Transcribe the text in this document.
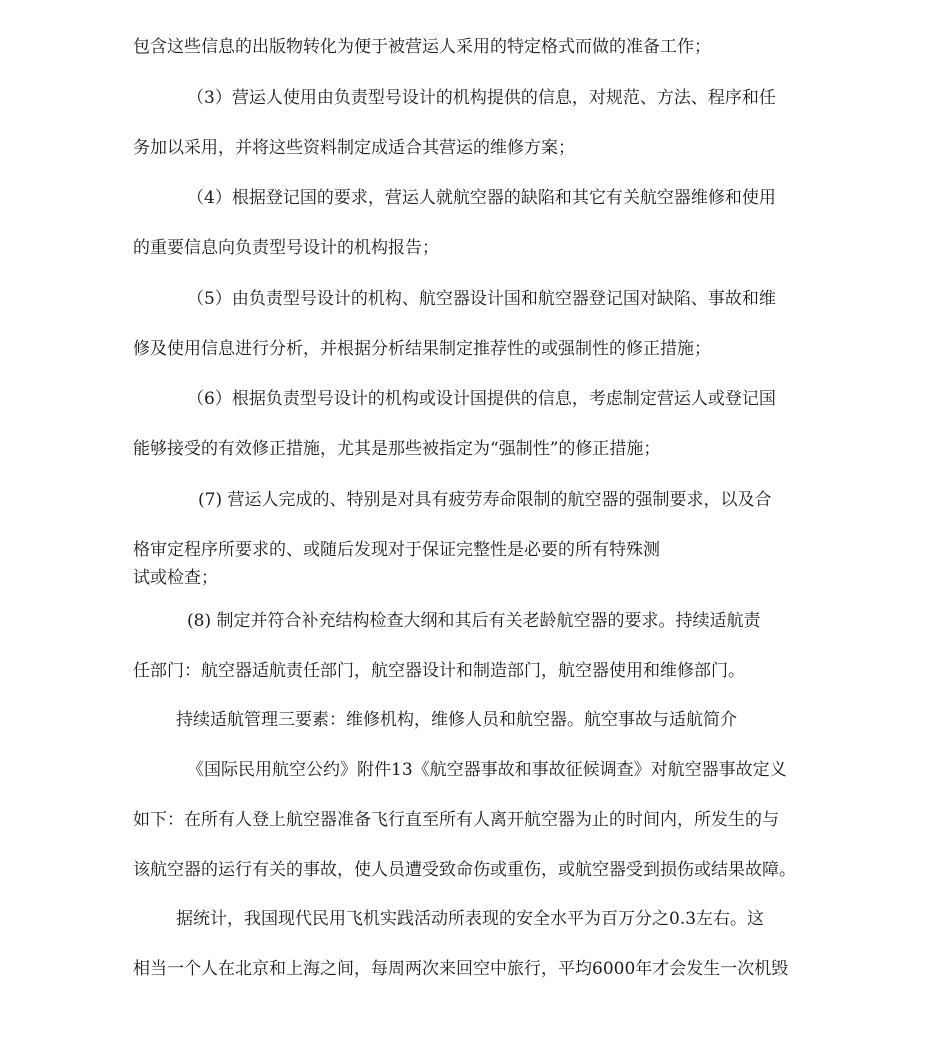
包含这些信息的出版物转化为便于被营运人采用的特定格式而做的准备工作；
（3）营运人使用由负责型号设计的机构提供的信息，对规范、方法、程序和任
务加以采用，并将这些资料制定成适合其营运的维修方案；
（4）根据登记国的要求，营运人就航空器的缺陷和其它有关航空器维修和使用
的重要信息向负责型号设计的机构报告；
（5）由负责型号设计的机构、航空器设计国和航空器登记国对缺陷、事故和维
修及使用信息进行分析，并根据分析结果制定推荐性的或强制性的修正措施；
（6）根据负责型号设计的机构或设计国提供的信息，考虑制定营运人或登记国
能够接受的有效修正措施，尤其是那些被指定为“强制性”的修正措施；
(7) 营运人完成的、特别是对具有疲劳寿命限制的航空器的强制要求，以及合
格审定程序所要求的、或随后发现对于保证完整性是必要的所有特殊测
试或检查；
(8) 制定并符合补充结构检查大纲和其后有关老龄航空器的要求。持续适航责
任部门：航空器适航责任部门，航空器设计和制造部门，航空器使用和维修部门。
持续适航管理三要素：维修机构，维修人员和航空器。航空事故与适航简介
《国际民用航空公约》附件13《航空器事故和事故征候调查》对航空器事故定义
如下：在所有人登上航空器准备飞行直至所有人离开航空器为止的时间内，所发生的与
该航空器的运行有关的事故，使人员遭受致命伤或重伤，或航空器受到损伤或结果故障。
据统计，我国现代民用飞机实践活动所表现的安全水平为百万分之0.3左右。这
相当一个人在北京和上海之间，每周两次来回空中旅行，平均6000年才会发生一次机毁
